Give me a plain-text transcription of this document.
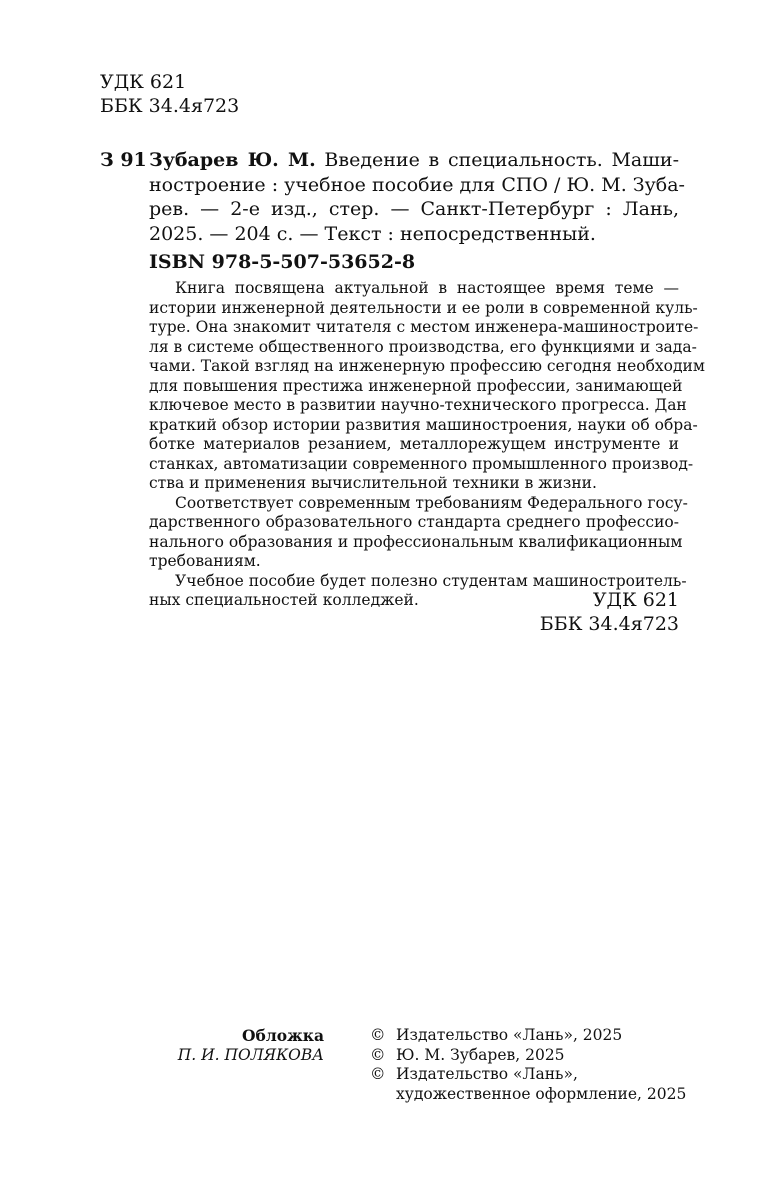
УДК 621
ББК 34.4я723
З 91 Зубарев Ю. М. Введение в специальность. Маши-
ностроение : учебное пособие для СПО / Ю. М. Зуба-
рев. — 2-е изд., стер. — Санкт-Петербург : Лань,
2025. — 204 с. — Текст : непосредственный.
ISBN 978-5-507-53652-8
Книга посвящена актуальной в настоящее время теме —
истории инженерной деятельности и ее роли в современной куль-
туре. Она знакомит читателя с местом инженера-машиностроите-
ля в системе общественного производства, его функциями и зада-
чами. Такой взгляд на инженерную профессию сегодня необходим
для повышения престижа инженерной профессии, занимающей
ключевое место в развитии научно-технического прогресса. Дан
краткий обзор истории развития машиностроения, науки об обра-
ботке материалов резанием, металлорежущем инструменте и
станках, автоматизации современного промышленного производ-
ства и применения вычислительной техники в жизни.
Соответствует современным требованиям Федерального госу-
дарственного образовательного стандарта среднего профессио-
нального образования и профессиональным квалификационным
требованиям.
Учебное пособие будет полезно студентам машиностроитель-
ных специальностей колледжей.	УДК 621
ББК 34.4я723
Обложка
П. И. ПОЛЯКОВА
© Издательство «Лань», 2025
© Ю. М. Зубарев, 2025
© Издательство «Лань»,
художественное оформление, 2025
